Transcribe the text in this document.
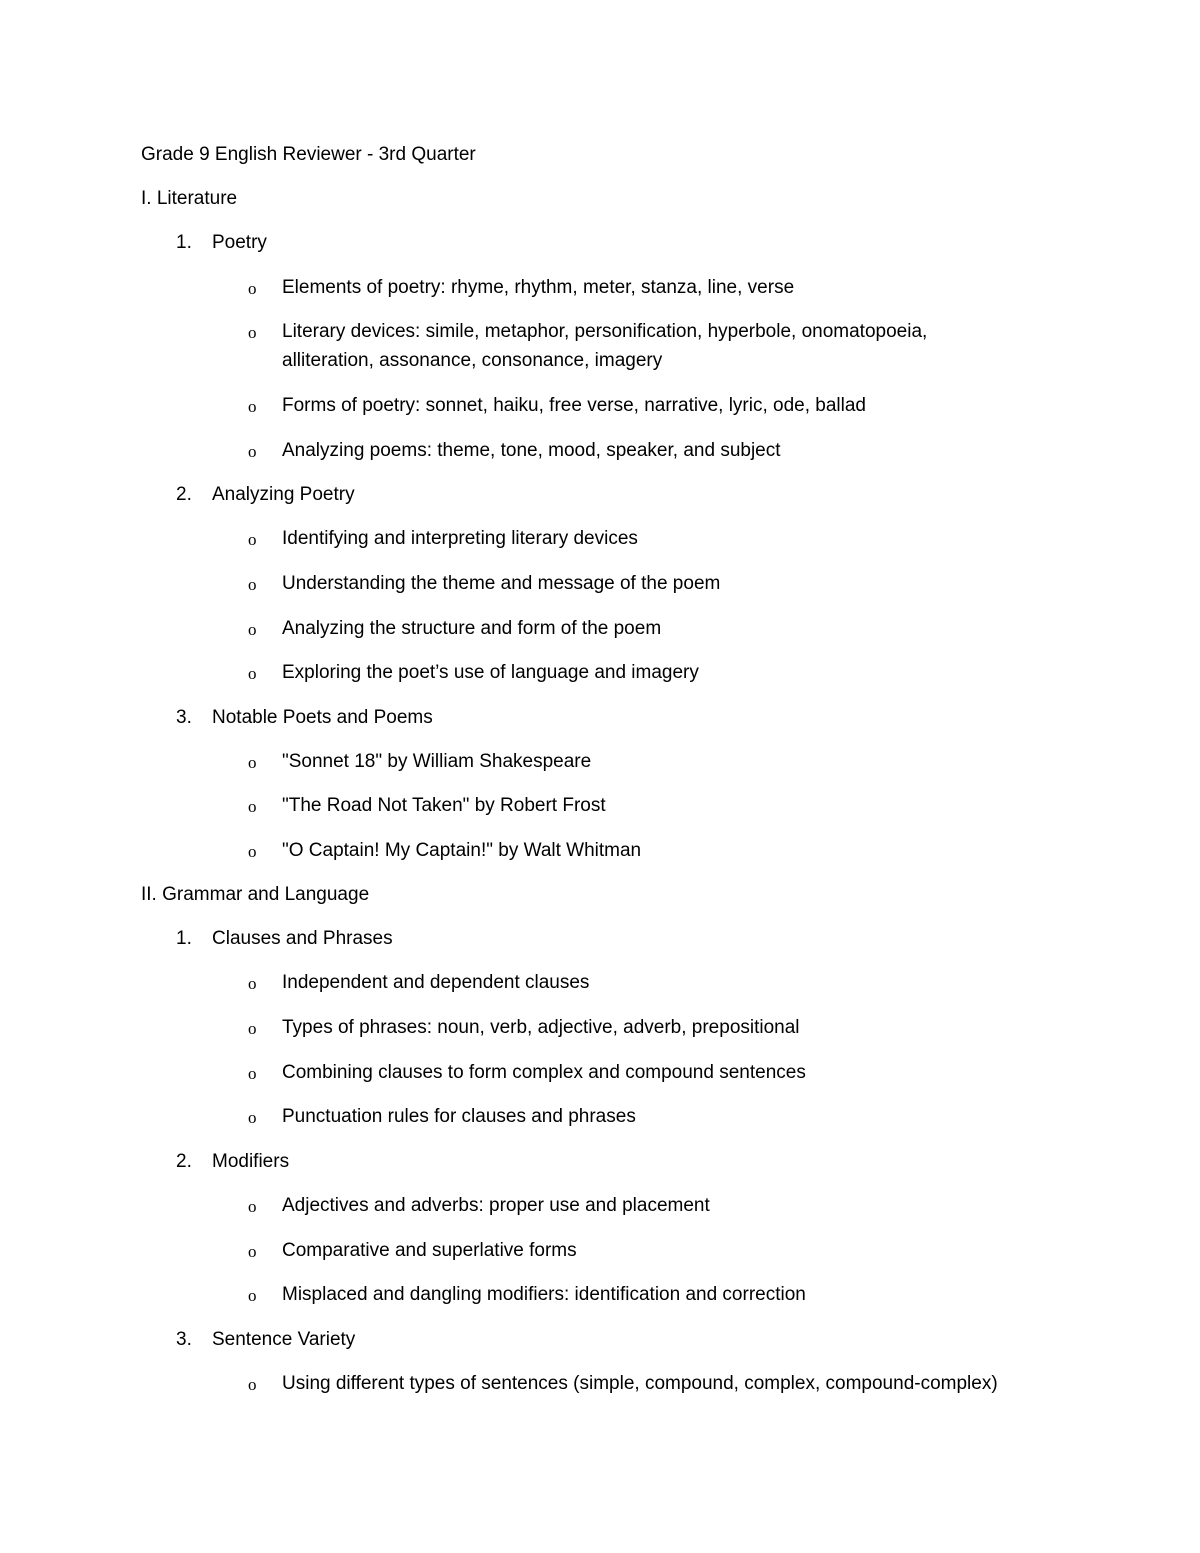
Grade 9 English Reviewer - 3rd Quarter
I. Literature
1. Poetry
o Elements of poetry: rhyme, rhythm, meter, stanza, line, verse
o Literary devices: simile, metaphor, personification, hyperbole, onomatopoeia,
alliteration, assonance, consonance, imagery
o Forms of poetry: sonnet, haiku, free verse, narrative, lyric, ode, ballad
o Analyzing poems: theme, tone, mood, speaker, and subject
2. Analyzing Poetry
o Identifying and interpreting literary devices
o Understanding the theme and message of the poem
o Analyzing the structure and form of the poem
o Exploring the poet’s use of language and imagery
3. Notable Poets and Poems
o "Sonnet 18" by William Shakespeare
o "The Road Not Taken" by Robert Frost
o "O Captain! My Captain!" by Walt Whitman
II. Grammar and Language
1. Clauses and Phrases
o Independent and dependent clauses
o Types of phrases: noun, verb, adjective, adverb, prepositional
o Combining clauses to form complex and compound sentences
o Punctuation rules for clauses and phrases
2. Modifiers
o Adjectives and adverbs: proper use and placement
o Comparative and superlative forms
o Misplaced and dangling modifiers: identification and correction
3. Sentence Variety
o Using different types of sentences (simple, compound, complex, compound-complex)
